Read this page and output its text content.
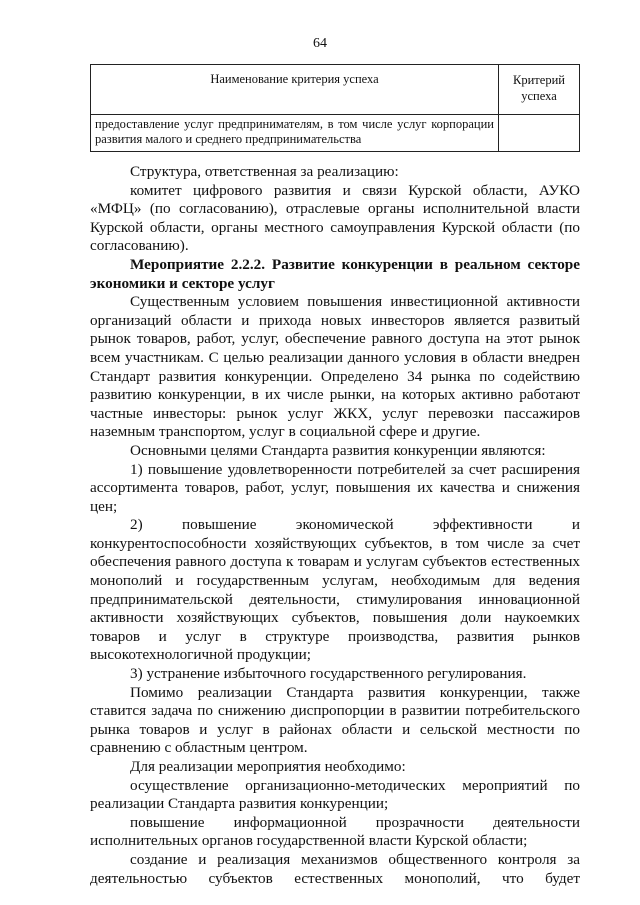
64
Наименование критерия успеха	Критерий успеха
предоставление услуг предпринимателям, в том числе услуг корпорации развития малого и среднего предпринимательства	

Структура, ответственная за реализацию:

комитет цифрового развития и связи Курской области, АУКО «МФЦ» (по согласованию), отраслевые органы исполнительной власти Курской области, органы местного самоуправления Курской области (по согласованию).

Мероприятие 2.2.2. Развитие конкуренции в реальном секторе экономики и секторе услуг

Существенным условием повышения инвестиционной активности организаций области и прихода новых инвесторов является развитый рынок товаров, работ, услуг, обеспечение равного доступа на этот рынок всем участникам. С целью реализации данного условия в области внедрен Стандарт развития конкуренции. Определено 34 рынка по содействию развитию конкуренции, в их числе рынки, на которых активно работают частные инвесторы: рынок услуг ЖКХ, услуг перевозки пассажиров наземным транспортом, услуг в социальной сфере и другие.

Основными целями Стандарта развития конкуренции являются:

1) повышение удовлетворенности потребителей за счет расширения ассортимента товаров, работ, услуг, повышения их качества и снижения цен;

2) повышение экономической эффективности и конкурентоспособности хозяйствующих субъектов, в том числе за счет обеспечения равного доступа к товарам и услугам субъектов естественных монополий и государственным услугам, необходимым для ведения предпринимательской деятельности, стимулирования инновационной активности хозяйствующих субъектов, повышения доли наукоемких товаров и услуг в структуре производства, развития рынков высокотехнологичной продукции;

3) устранение избыточного государственного регулирования.

Помимо реализации Стандарта развития конкуренции, также ставится задача по снижению диспропорции в развитии потребительского рынка товаров и услуг в районах области и сельской местности по сравнению с областным центром.

Для реализации мероприятия необходимо:

осуществление организационно-методических мероприятий по реализации Стандарта развития конкуренции;

повышение информационной прозрачности деятельности исполнительных органов государственной власти Курской области;

создание и реализация механизмов общественного контроля за деятельностью субъектов естественных монополий, что будет
